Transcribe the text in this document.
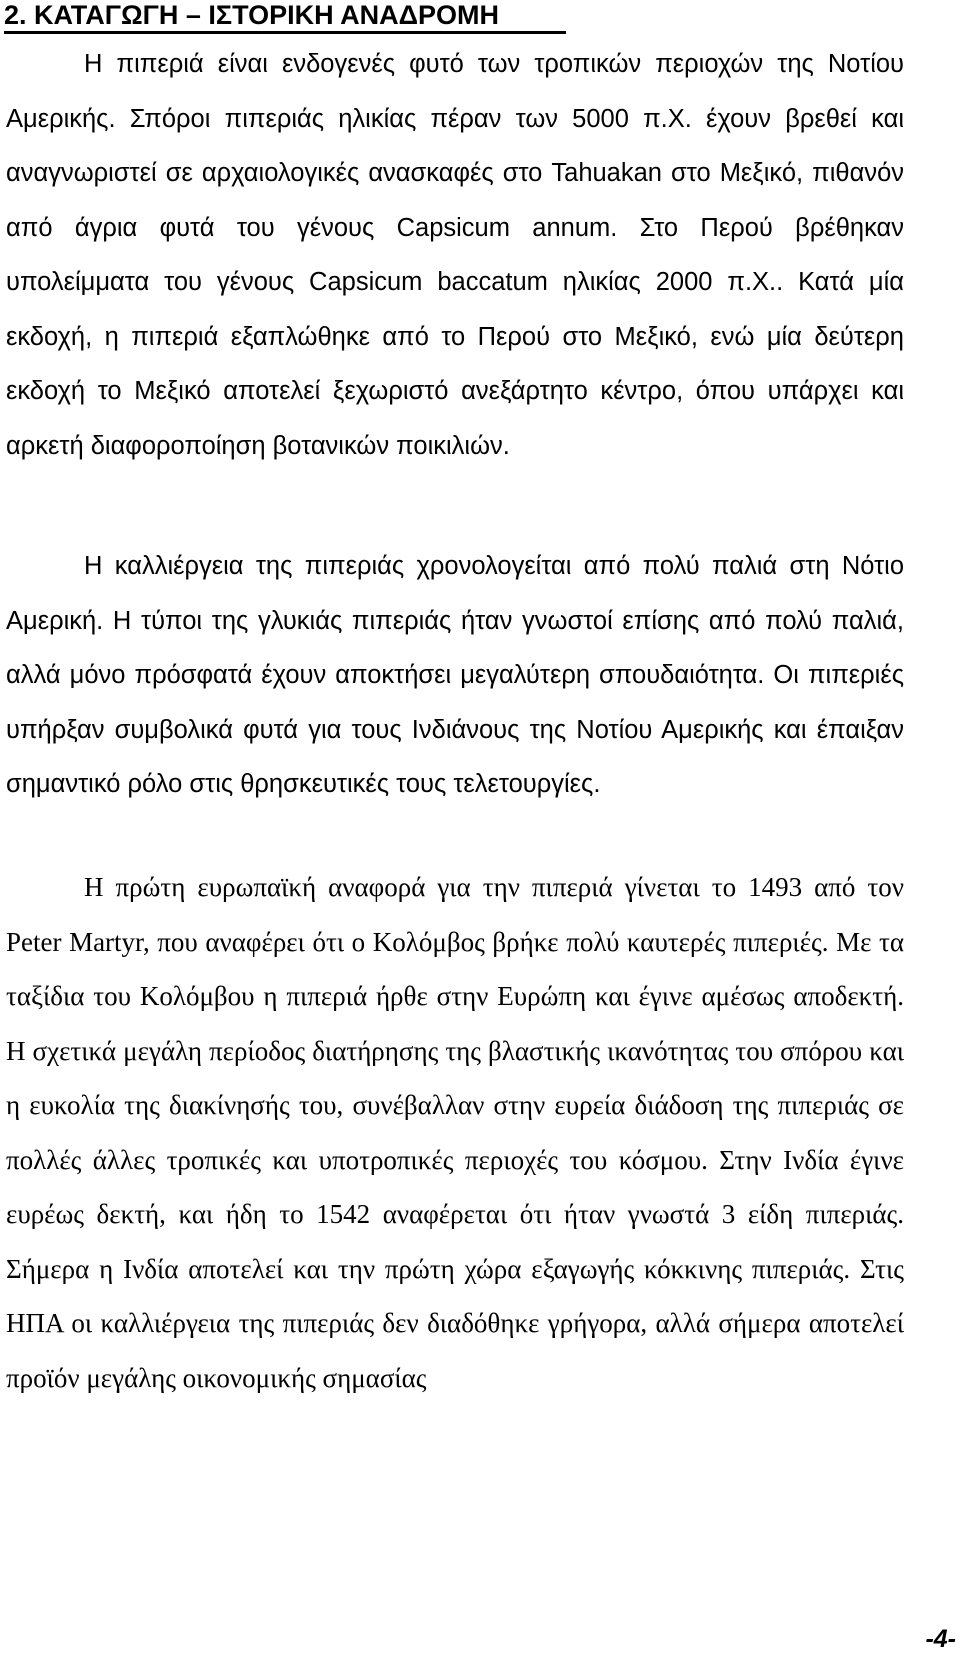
2. ΚΑΤΑΓΩΓΗ – ΙΣΤΟΡΙΚΗ ΑΝΑΔΡΟΜΗ

Η πιπεριά είναι ενδογενές φυτό των τροπικών περιοχών της Νοτίου Αμερικής. Σπόροι πιπεριάς ηλικίας πέραν των 5000 π.Χ. έχουν βρεθεί και αναγνωριστεί σε αρχαιολογικές ανασκαφές στο Tahuakan στο Μεξικό, πιθανόν από άγρια φυτά του γένους Capsicum annum. Στο Περού βρέθηκαν υπολείμματα του γένους Capsicum baccatum ηλικίας 2000 π.Χ.. Κατά μία εκδοχή, η πιπεριά εξαπλώθηκε από το Περού στο Μεξικό, ενώ μία δεύτερη εκδοχή το Μεξικό αποτελεί ξεχωριστό ανεξάρτητο κέντρο, όπου υπάρχει και αρκετή διαφοροποίηση βοτανικών ποικιλιών.

Η καλλιέργεια της πιπεριάς χρονολογείται από πολύ παλιά στη Νότιο Αμερική. Η τύποι της γλυκιάς πιπεριάς ήταν γνωστοί επίσης από πολύ παλιά, αλλά μόνο πρόσφατά έχουν αποκτήσει μεγαλύτερη σπουδαιότητα. Οι πιπεριές υπήρξαν συμβολικά φυτά για τους Ινδιάνους της Νοτίου Αμερικής και έπαιξαν σημαντικό ρόλο στις θρησκευτικές τους τελετουργίες.

Η πρώτη ευρωπαϊκή αναφορά για την πιπεριά γίνεται το 1493 από τον Peter Martyr, που αναφέρει ότι ο Κολόμβος βρήκε πολύ καυτερές πιπεριές. Με τα ταξίδια του Κολόμβου η πιπεριά ήρθε στην Ευρώπη και έγινε αμέσως αποδεκτή. Η σχετικά μεγάλη περίοδος διατήρησης της βλαστικής ικανότητας του σπόρου και η ευκολία της διακίνησής του, συνέβαλλαν στην ευρεία διάδοση της πιπεριάς σε πολλές άλλες τροπικές και υποτροπικές περιοχές του κόσμου. Στην Ινδία έγινε ευρέως δεκτή, και ήδη το 1542 αναφέρεται ότι ήταν γνωστά 3 είδη πιπεριάς. Σήμερα η Ινδία αποτελεί και την πρώτη χώρα εξαγωγής κόκκινης πιπεριάς. Στις ΗΠΑ οι καλλιέργεια της πιπεριάς δεν διαδόθηκε γρήγορα, αλλά σήμερα αποτελεί προϊόν μεγάλης οικονομικής σημασίας

-4-
